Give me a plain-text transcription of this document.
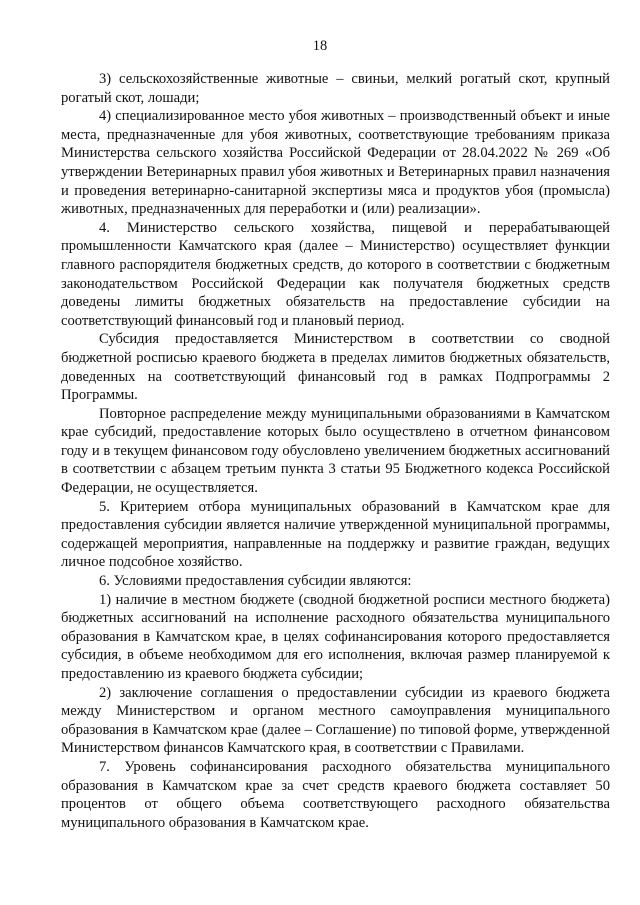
18

3) сельскохозяйственные животные – свиньи, мелкий рогатый скот, крупный рогатый скот, лошади;

4) специализированное место убоя животных – производственный объект и иные места, предназначенные для убоя животных, соответствующие требованиям приказа Министерства сельского хозяйства Российской Федерации от 28.04.2022 № 269 «Об утверждении Ветеринарных правил убоя животных и Ветеринарных правил назначения и проведения ветеринарно-санитарной экспертизы мяса и продуктов убоя (промысла) животных, предназначенных для переработки и (или) реализации».

4. Министерство сельского хозяйства, пищевой и перерабатывающей промышленности Камчатского края (далее – Министерство) осуществляет функции главного распорядителя бюджетных средств, до которого в соответствии с бюджетным законодательством Российской Федерации как получателя бюджетных средств доведены лимиты бюджетных обязательств на предоставление субсидии на соответствующий финансовый год и плановый период.

Субсидия предоставляется Министерством в соответствии со сводной бюджетной росписью краевого бюджета в пределах лимитов бюджетных обязательств, доведенных на соответствующий финансовый год в рамках Подпрограммы 2 Программы.

Повторное распределение между муниципальными образованиями в Камчатском крае субсидий, предоставление которых было осуществлено в отчетном финансовом году и в текущем финансовом году обусловлено увеличением бюджетных ассигнований в соответствии с абзацем третьим пункта 3 статьи 95 Бюджетного кодекса Российской Федерации, не осуществляется.

5. Критерием отбора муниципальных образований в Камчатском крае для предоставления субсидии является наличие утвержденной муниципальной программы, содержащей мероприятия, направленные на поддержку и развитие граждан, ведущих личное подсобное хозяйство.

6. Условиями предоставления субсидии являются:

1) наличие в местном бюджете (сводной бюджетной росписи местного бюджета) бюджетных ассигнований на исполнение расходного обязательства муниципального образования в Камчатском крае, в целях софинансирования которого предоставляется субсидия, в объеме необходимом для его исполнения, включая размер планируемой к предоставлению из краевого бюджета субсидии;

2) заключение соглашения о предоставлении субсидии из краевого бюджета между Министерством и органом местного самоуправления муниципального образования в Камчатском крае (далее – Соглашение) по типовой форме, утвержденной Министерством финансов Камчатского края, в соответствии с Правилами.

7. Уровень софинансирования расходного обязательства муниципального образования в Камчатском крае за счет средств краевого бюджета составляет 50 процентов от общего объема соответствующего расходного обязательства муниципального образования в Камчатском крае.
